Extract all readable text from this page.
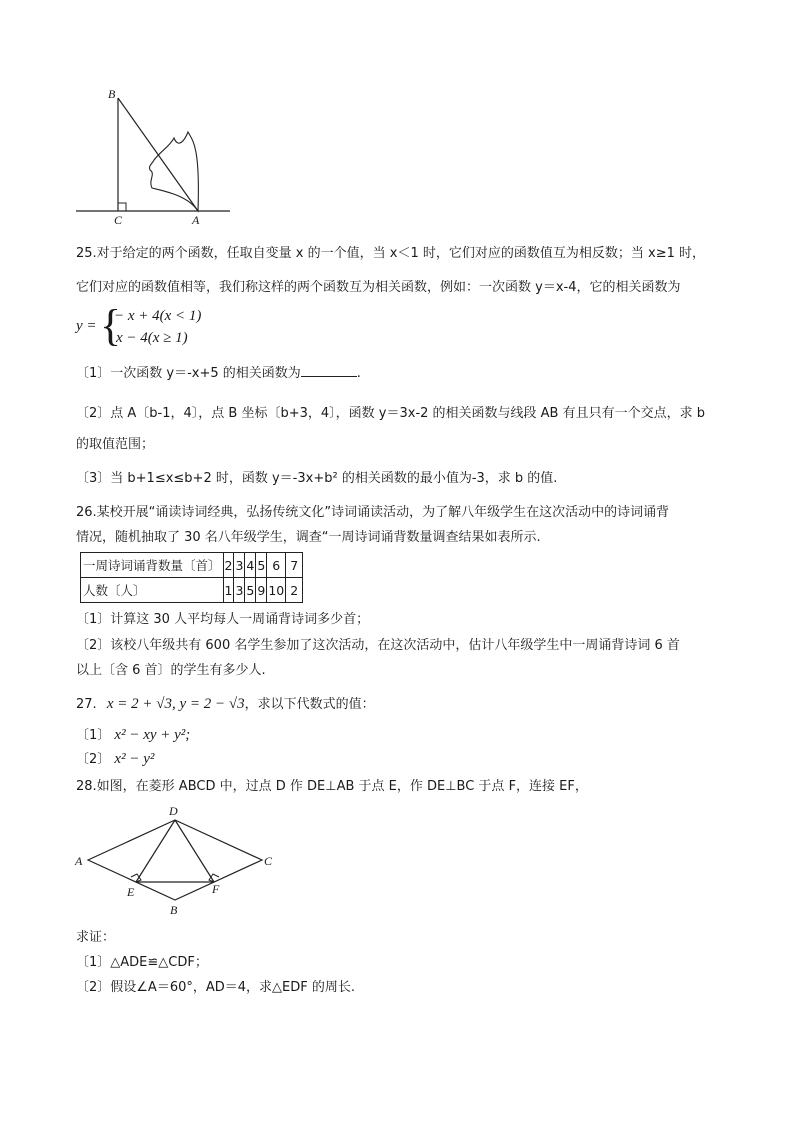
B
C	A
25.对于给定的两个函数，任取自变量 x 的一个值，当 x＜1 时，它们对应的函数值互为相反数；当 x≥1 时，
它们对应的函数值相等，我们称这样的两个函数互为相关函数，例如：一次函数 y＝x-4，它的相关函数为
y = {
− x + 4(x < 1)
x − 4(x ≥ 1)
〔1〕一次函数 y＝-x+5 的相关函数为	.
〔2〕点 A〔b-1，4〕，点 B 坐标〔b+3，4〕，函数 y＝3x-2 的相关函数与线段 AB 有且只有一个交点，求 b
的取值范围；
〔3〕当 b+1≤x≤b+2 时，函数 y＝-3x+b² 的相关函数的最小值为-3，求 b 的值.
26.某校开展“诵读诗词经典，弘扬传统文化”诗词诵读活动，为了解八年级学生在这次活动中的诗词诵背
情况，随机抽取了 30 名八年级学生，调查“一周诗词诵背数量调查结果如表所示.
一周诗词诵背数量〔首〕	2	3	4	5	6	7
人数〔人〕	1	3	5	9	10	2
〔1〕计算这 30 人平均每人一周诵背诗词多少首；
〔2〕该校八年级共有 600 名学生参加了这次活动，在这次活动中，估计八年级学生中一周诵背诗词 6 首
以上〔含 6 首〕的学生有多少人.
27. x = 2 + √3, y = 2 − √3，求以下代数式的值：
〔1〕 x² − xy + y²;
〔2〕 x² − y²
28.如图，在菱形 ABCD 中，过点 D 作 DE⊥AB 于点 E，作 DE⊥BC 于点 F，连接 EF，
D
A	C
E	F
B
求证：
〔1〕△ADE≌△CDF；
〔2〕假设∠A＝60°，AD＝4，求△EDF 的周长.
